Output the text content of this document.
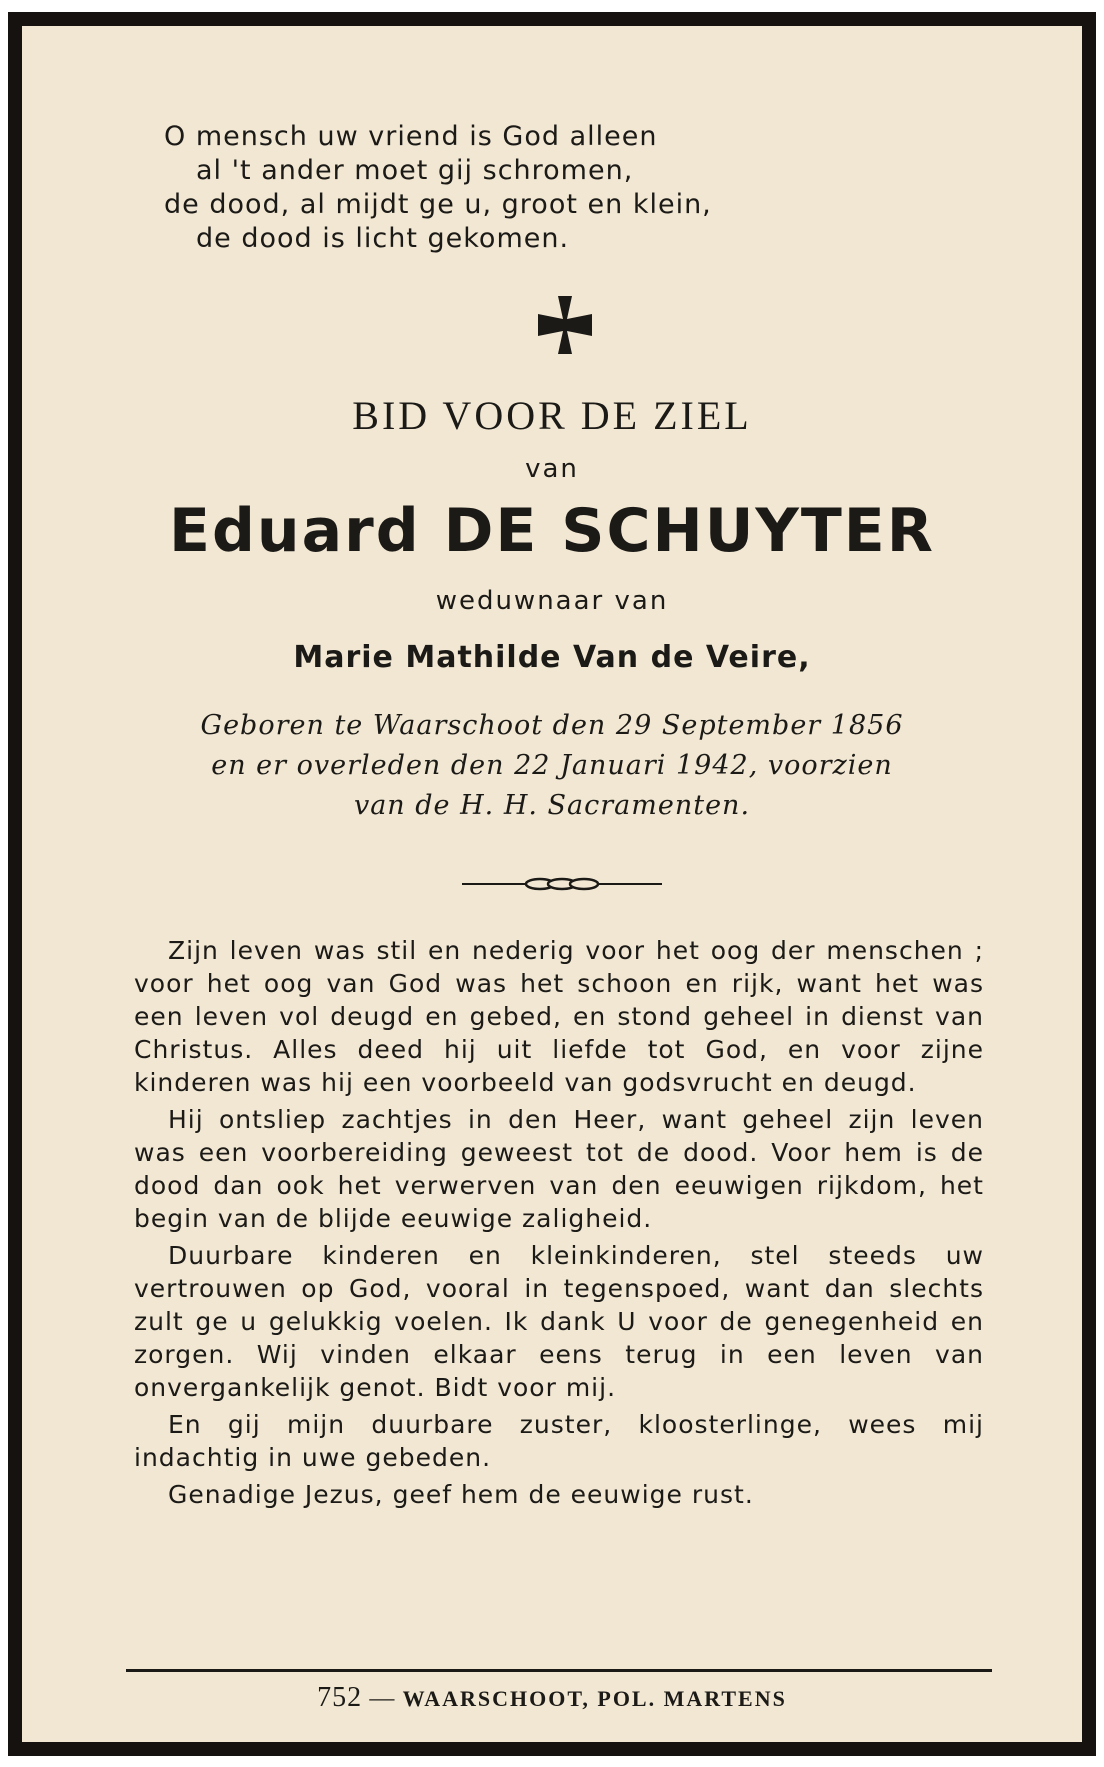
O mensch uw vriend is God alleen
al 't ander moet gij schromen,
de dood, al mijdt ge u, groot en klein,
de dood is licht gekomen.
BID VOOR DE ZIEL
van
Eduard DE SCHUYTER
weduwnaar van
Marie Mathilde Van de Veire,
Geboren te Waarschoot den 29 September 1856
en er overleden den 22 Januari 1942, voorzien
van de H. H. Sacramenten.

Zijn leven was stil en nederig voor het oog der menschen ; voor het oog van God was het schoon en rijk, want het was een leven vol deugd en gebed, en stond geheel in dienst van Christus. Alles deed hij uit liefde tot God, en voor zijne kinderen was hij een voorbeeld van godsvrucht en deugd.

Hij ontsliep zachtjes in den Heer, want geheel zijn leven was een voorbereiding geweest tot de dood. Voor hem is de dood dan ook het verwerven van den eeuwigen rijkdom, het begin van de blijde eeuwige zaligheid.

Duurbare kinderen en kleinkinderen, stel steeds uw vertrouwen op God, vooral in tegenspoed, want dan slechts zult ge u gelukkig voelen. Ik dank U voor de genegenheid en zorgen. Wij vinden elkaar eens terug in een leven van onvergankelijk genot. Bidt voor mij.

En gij mijn duurbare zuster, kloosterlinge, wees mij indachtig in uwe gebeden.

Genadige Jezus, geef hem de eeuwige rust.

752 — WAARSCHOOT, POL. MARTENS
